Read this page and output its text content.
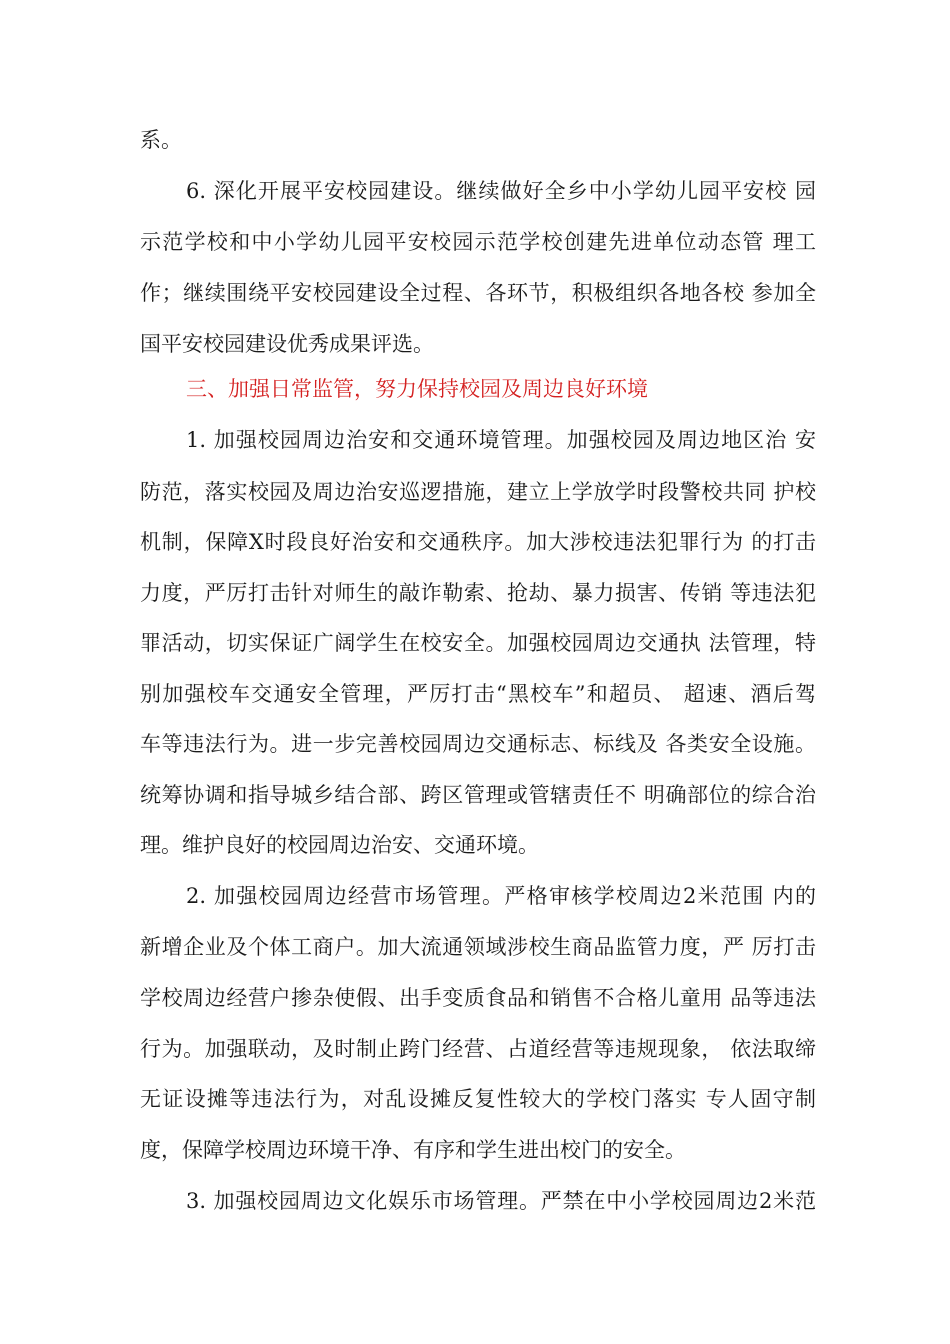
系。
6. 深化开展平安校园建设。继续做好全乡中小学幼儿园平安校 园
示范学校和中小学幼儿园平安校园示范学校创建先进单位动态管 理工
作；继续围绕平安校园建设全过程、各环节，积极组织各地各校 参加全
国平安校园建设优秀成果评选。
三、加强日常监管，努力保持校园及周边良好环境
1. 加强校园周边治安和交通环境管理。加强校园及周边地区治 安
防范，落实校园及周边治安巡逻措施，建立上学放学时段警校共同 护校
机制，保障X时段良好治安和交通秩序。加大涉校违法犯罪行为 的打击
力度，严厉打击针对师生的敲诈勒索、抢劫、暴力损害、传销 等违法犯
罪活动，切实保证广阔学生在校安全。加强校园周边交通执 法管理，特
别加强校车交通安全管理，严厉打击“黑校车”和超员、 超速、酒后驾
车等违法行为。进一步完善校园周边交通标志、标线及 各类安全设施。
统筹协调和指导城乡结合部、跨区管理或管辖责任不 明确部位的综合治
理。维护良好的校园周边治安、交通环境。
2. 加强校园周边经营市场管理。严格审核学校周边2米范围 内的
新增企业及个体工商户。加大流通领域涉校生商品监管力度，严 厉打击
学校周边经营户掺杂使假、出手变质食品和销售不合格儿童用 品等违法
行为。加强联动，及时制止跨门经营、占道经营等违规现象， 依法取缔
无证设摊等违法行为，对乱设摊反复性较大的学校门落实 专人固守制
度，保障学校周边环境干净、有序和学生进出校门的安全。
3. 加强校园周边文化娱乐市场管理。严禁在中小学校园周边2米范
